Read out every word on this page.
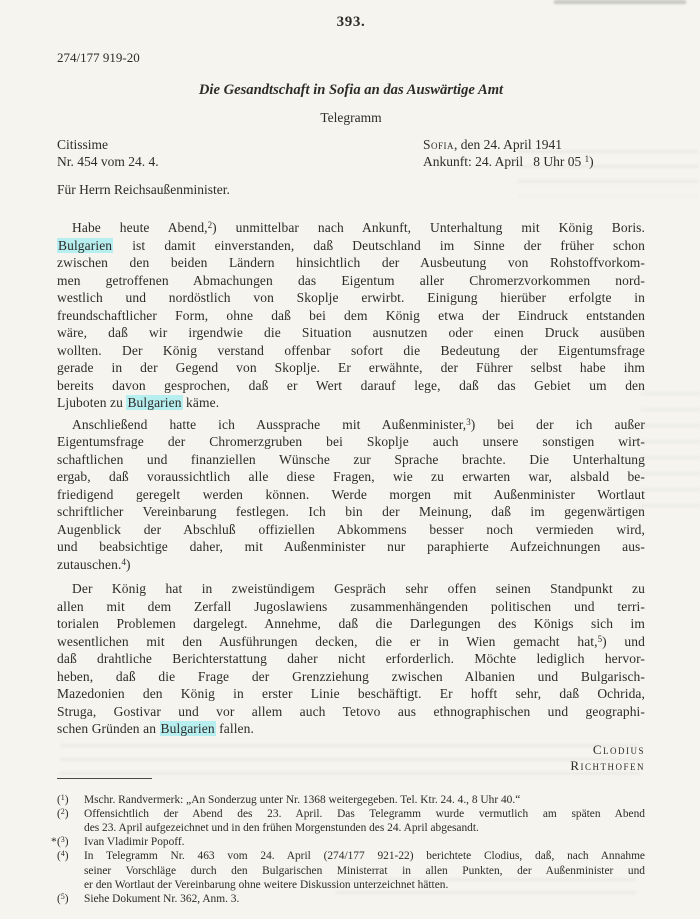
393.
274/177 919-20
Die Gesandtschaft in Sofia an das Auswärtige Amt
Telegramm
Citissime
Nr. 454 vom 24. 4.
Sofia, den 24. April 1941
Ankunft: 24. April   8 Uhr 05 $^1$)
Für Herrn Reichsaußenminister.
Habe heute Abend,$^2$) unmittelbar nach Ankunft, Unterhaltung mit König Boris.
Bulgarien ist damit einverstanden, daß Deutschland im Sinne der früher schon
zwischen den beiden Ländern hinsichtlich der Ausbeutung von Rohstoffvorkom-
men getroffenen Abmachungen das Eigentum aller Chromerzvorkommen nord-
westlich und nordöstlich von Skoplje erwirbt. Einigung hierüber erfolgte in
freundschaftlicher Form, ohne daß bei dem König etwa der Eindruck entstanden
wäre, daß wir irgendwie die Situation ausnutzen oder einen Druck ausüben
wollten. Der König verstand offenbar sofort die Bedeutung der Eigentumsfrage
gerade in der Gegend von Skoplje. Er erwähnte, der Führer selbst habe ihm
bereits davon gesprochen, daß er Wert darauf lege, daß das Gebiet um den
Ljuboten zu Bulgarien käme.
Anschließend hatte ich Aussprache mit Außenminister,$^3$) bei der ich außer
Eigentumsfrage der Chromerzgruben bei Skoplje auch unsere sonstigen wirt-
schaftlichen und finanziellen Wünsche zur Sprache brachte. Die Unterhaltung
ergab, daß voraussichtlich alle diese Fragen, wie zu erwarten war, alsbald be-
friedigend geregelt werden können. Werde morgen mit Außenminister Wortlaut
schriftlicher Vereinbarung festlegen. Ich bin der Meinung, daß im gegenwärtigen
Augenblick der Abschluß offiziellen Abkommens besser noch vermieden wird,
und beabsichtige daher, mit Außenminister nur paraphierte Aufzeichnungen aus-
zutauschen.$^4$)
Der König hat in zweistündigem Gespräch sehr offen seinen Standpunkt zu
allen mit dem Zerfall Jugoslawiens zusammenhängenden politischen und terri-
torialen Problemen dargelegt. Annehme, daß die Darlegungen des Königs sich im
wesentlichen mit den Ausführungen decken, die er in Wien gemacht hat,$^5$) und
daß drahtliche Berichterstattung daher nicht erforderlich. Möchte lediglich hervor-
heben, daß die Frage der Grenzziehung zwischen Albanien und Bulgarisch-
Mazedonien den König in erster Linie beschäftigt. Er hofft sehr, daß Ochrida,
Struga, Gostivar und vor allem auch Tetovo aus ethnographischen und geographi-
schen Gründen an Bulgarien fallen.
Clodius
Richthofen
($^1$)	Mschr. Randvermerk: „An Sonderzug unter Nr. 1368 weitergegeben. Tel. Ktr. 24. 4., 8 Uhr 40.“
($^2$)	Offensichtlich der Abend des 23. April. Das Telegramm wurde vermutlich am späten Abend
des 23. April aufgezeichnet und in den frühen Morgenstunden des 24. April abgesandt.
*($^3$)	Ivan Vladimir Popoff.
($^4$)	In Telegramm Nr. 463 vom 24. April (274/177 921-22) berichtete Clodius, daß, nach Annahme
seiner Vorschläge durch den Bulgarischen Ministerrat in allen Punkten, der Außenminister und
er den Wortlaut der Vereinbarung ohne weitere Diskussion unterzeichnet hätten.
($^5$)	Siehe Dokument Nr. 362, Anm. 3.
